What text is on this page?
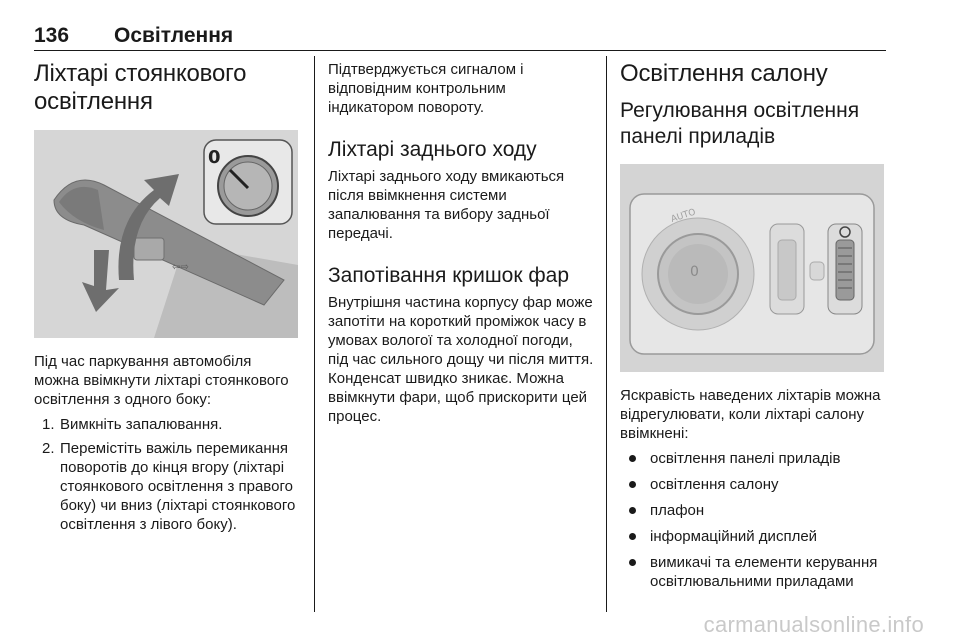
136 Освітлення
Ліхтарі стоянкового освітлення
⇦⇨
0

Під час паркування автомобіля можна ввімкнути ліхтарі стоянкового освітлення з одного боку:

1. Вимкніть запалювання.
2. Перемістіть важіль перемикання поворотів до кінця вгору (ліхтарі стоянкового освітлення з правого боку) чи вниз (ліхтарі стоянкового освітлення з лівого боку).

Підтверджується сигналом і відповідним контрольним індикатором повороту.

Ліхтарі заднього ходу

Ліхтарі заднього ходу вмикаються після ввімкнення системи запалювання та вибору задньої передачі.

Запотівання кришок фар

Внутрішня частина корпусу фар може запотіти на короткий проміжок часу в умовах вологої та холодної погоди, під час сильного дощу чи після миття. Конденсат швидко зникає. Можна ввімкнути фари, щоб прискорити цей процес.

Освітлення салону
Регулювання освітлення панелі приладів
0
AUTO

Яскравість наведених ліхтарів можна відрегулювати, коли ліхтарі салону ввімкнені:

освітлення панелі приладів
освітлення салону
плафон
інформаційний дисплей
вимикачі та елементи керування освітлювальними приладами
carmanualsonline.info
